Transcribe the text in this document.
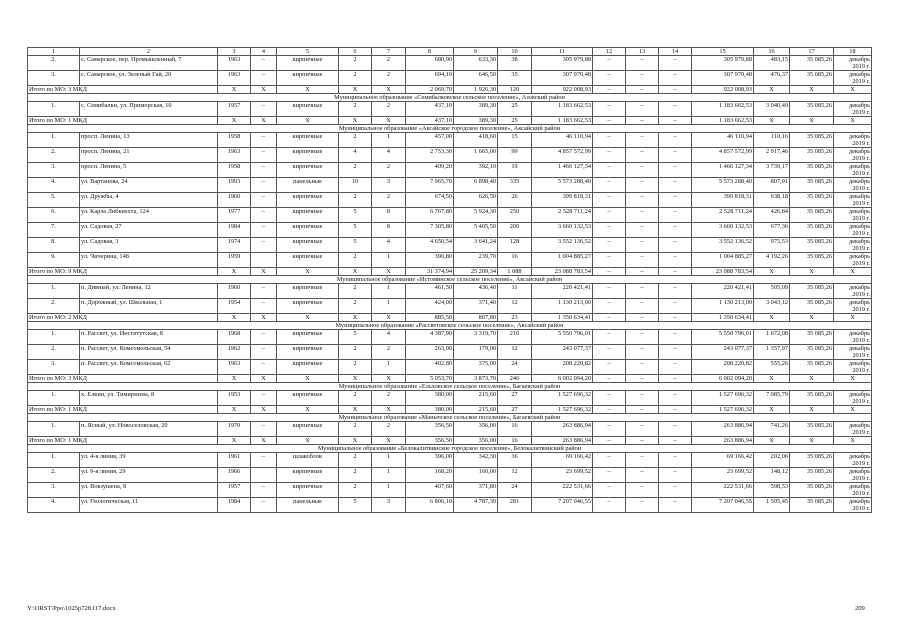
1	2	3	4	5	6	7	8	9	10	11	12	13	14	15	16	17	18
2.	с. Самарское, пер. Промышленный, 7	1963	–	кирпичные	2	2	680,90	633,30	38	305 979,88	–	–	–	305 979,88	483,15	35 085,26	декабрь 2019 г.
3.	с. Самарское, ул. Зеленый Гай, 20	1963	–	кирпичные	2	2	694,10	646,50	35	307 970,48	–	–	–	307 970,48	476,37	35 085,26	декабрь 2019 г.
Итого по МО: 3 МКД		X	X	X	X	X	2 069,70	1 926,30	120	922 008,93	–	–	–	922 008,93	X	X	X
Муниципальное образование «Семибалковское сельское поселение», Азовский район																	
1.	с. Семибалки, ул. Приморская, 10	1957	–	кирпичные	2	2	437,10	389,30	25	1 183 662,53	–	–	–	1 183 662,53	3 040,49	35 085,26	декабрь 2019 г.
Итого по МО: 1 МКД		X	X	X	X	X	437,10	389,30	25	1 183 662,53	–	–	–	1 183 662,53	X	X	X
Муниципальное образование «Аксайское городское поселение», Аксайский район																	
1.	просп. Ленина, 13	1958	–	кирпичные	2	1	457,00	418,60	15	46 110,94	–	–	–	46 110,94	110,16	35 085,26	декабрь 2019 г.
2.	просп. Ленина, 21	1963	–	кирпичные	4	4	2 753,30	1 665,00	99	4 857 572,99	–	–	–	4 857 572,99	2 917,46	35 085,26	декабрь 2019 г.
3.	просп. Ленина, 5	1958	–	кирпичные	2	2	409,20	392,10	19	1 466 127,34	–	–	–	1 466 127,34	3 739,17	35 085,26	декабрь 2019 г.
4.	ул. Вартанова, 24	1993	–	панельные	10	3	7 965,70	6 898,40	335	5 573 288,40	–	–	–	5 573 288,40	807,91	35 085,26	декабрь 2019 г.
5.	ул. Дружбы, 4	1960	–	кирпичные	2	2	674,50	626,50	26	399 818,31	–	–	–	399 818,31	638,18	35 085,26	декабрь 2019 г.
6.	ул. Карла Либкнехта, 124	1977	–	кирпичные	5	8	6 767,80	5 924,30	250	2 528 711,24	–	–	–	2 528 711,24	426,84	35 085,26	декабрь 2019 г.
7.	ул. Садовая, 27	1984	–	кирпичные	5	8	7 305,80	5 405,50	200	3 660 132,53	–	–	–	3 660 132,53	677,36	35 085,26	декабрь 2019 г.
8.	ул. Садовая, 3	1974	–	кирпичные	5	4	4 650,54	3 641,24	128	3 552 136,52	–	–	–	3 552 136,52	975,53	35 085,26	декабрь 2019 г.
9.	ул. Чичерина, 148	1959		кирпичные	2	1	390,80	239,70	16	1 004 885,27	–	–	–	1 004 885,27	4 192,26	35 085,26	декабрь 2019 г.
Итого по МО: 9 МКД		X	X	X	X	X	31 374,94	25 209,34	1 088	23 088 783,54	–	–	–	23 088 783,54	X	X	X
Муниципальное образование «Истоминское сельское поселение», Аксайский район																	
1.	п. Дивный, ул. Ленина, 12	1960	–	кирпичные	2	1	461,50	436,40	11	220 421,41	–	–	–	220 421,41	505,09	35 085,26	декабрь 2019 г.
2.	п. Дорожный, ул. Школьная, 1	1954	–	кирпичные	2	1	424,00	371,40	12	1 130 213,00	–	–	–	1 130 213,00	3 043,12	35 085,26	декабрь 2019 г.
Итого по МО: 2 МКД		X	X	X	X	X	885,50	807,80	23	1 350 634,41	–	–	–	1 350 634,41	X	X	X
Муниципальное образование «Рассветовское сельское поселение», Аксайский район																	
1.	п. Рассвет, ул. Институтская, 8	1968	–	кирпичные	5	4	4 387,90	3 319,70	210	5 550 796,01	–	–	–	5 550 796,01	1 672,08	35 085,26	декабрь 2019 г.
2.	п. Рассвет, ул. Комсомольская, 54	1962	–	кирпичные	2	2	263,00	179,00	12	243 077,37	–	–	–	243 077,37	1 357,97	35 085,26	декабрь 2019 г.
3.	п. Рассвет, ул. Комсомольская, 62	1963	–	кирпичные	2	1	402,80	375,00	24	208 220,82	–	–	–	208 220,82	555,26	35 085,26	декабрь 2019 г.
Итого по МО: 3 МКД		X	X	X	X	X	5 053,70	3 873,70	246	6 002 094,20	–	–	–	6 002 094,20	X	X	X
Муниципальное образование «Ельховское сельское поселение», Багаевский район																	
1.	х. Елкин, ул. Тимирязева, 8	1953	–	кирпичные	2	2	380,00	215,60	27	1 527 696,32	–	–	–	1 527 696,32	7 085,79	35 085,26	декабрь 2019 г.
Итого по МО: 1 МКД		X	X	X	X	X	380,00	215,60	27	1 527 696,32	–	–	–	1 527 696,32	X	X	X
Муниципальное образование «Манычское сельское поселение», Багаевский район																	
1.	п. Ясный, ул. Новоселовская, 20	1970	–	кирпичные	2	2	356,50	356,00	16	263 886,94	–	–	–	263 886,94	741,26	35 085,26	декабрь 2019 г.
Итого по МО: 1 МКД		X	X	X	X	X	356,50	356,00	16	263 886,94	–	–	–	263 886,94	X	X	X
Муниципальное образование «Белокалитвинское городское поселение», Белокалитвинский район																	
1.	ул. 4-я линия, 39	1961	–	шлакоблок	2	1	396,00	342,30	36	69 166,42	–	–	–	69 166,42	202,06	35 085,26	декабрь 2019 г.
2.	ул. 9-я линия, 29	1966		кирпичные	2	1	168,20	160,00	12	23 699,52	–	–	–	23 699,52	148,12	35 085,26	декабрь 2019 г.
3.	ул. Вокзушена, 8	1957	–	кирпичные	2	1	407,60	371,80	24	222 531,66	–	–	–	222 531,66	598,53	35 085,26	декабрь 2019 г.
4.	ул. Геологическая, 11	1984	–	панельные	5	3	6 806,10	4 787,30	281	7 207 046,55	–	–	–	7 207 046,55	1 505,45	35 085,26	декабрь 2019 г.
Y:\ORST\Ppo\1025p728.f17.docx	209
